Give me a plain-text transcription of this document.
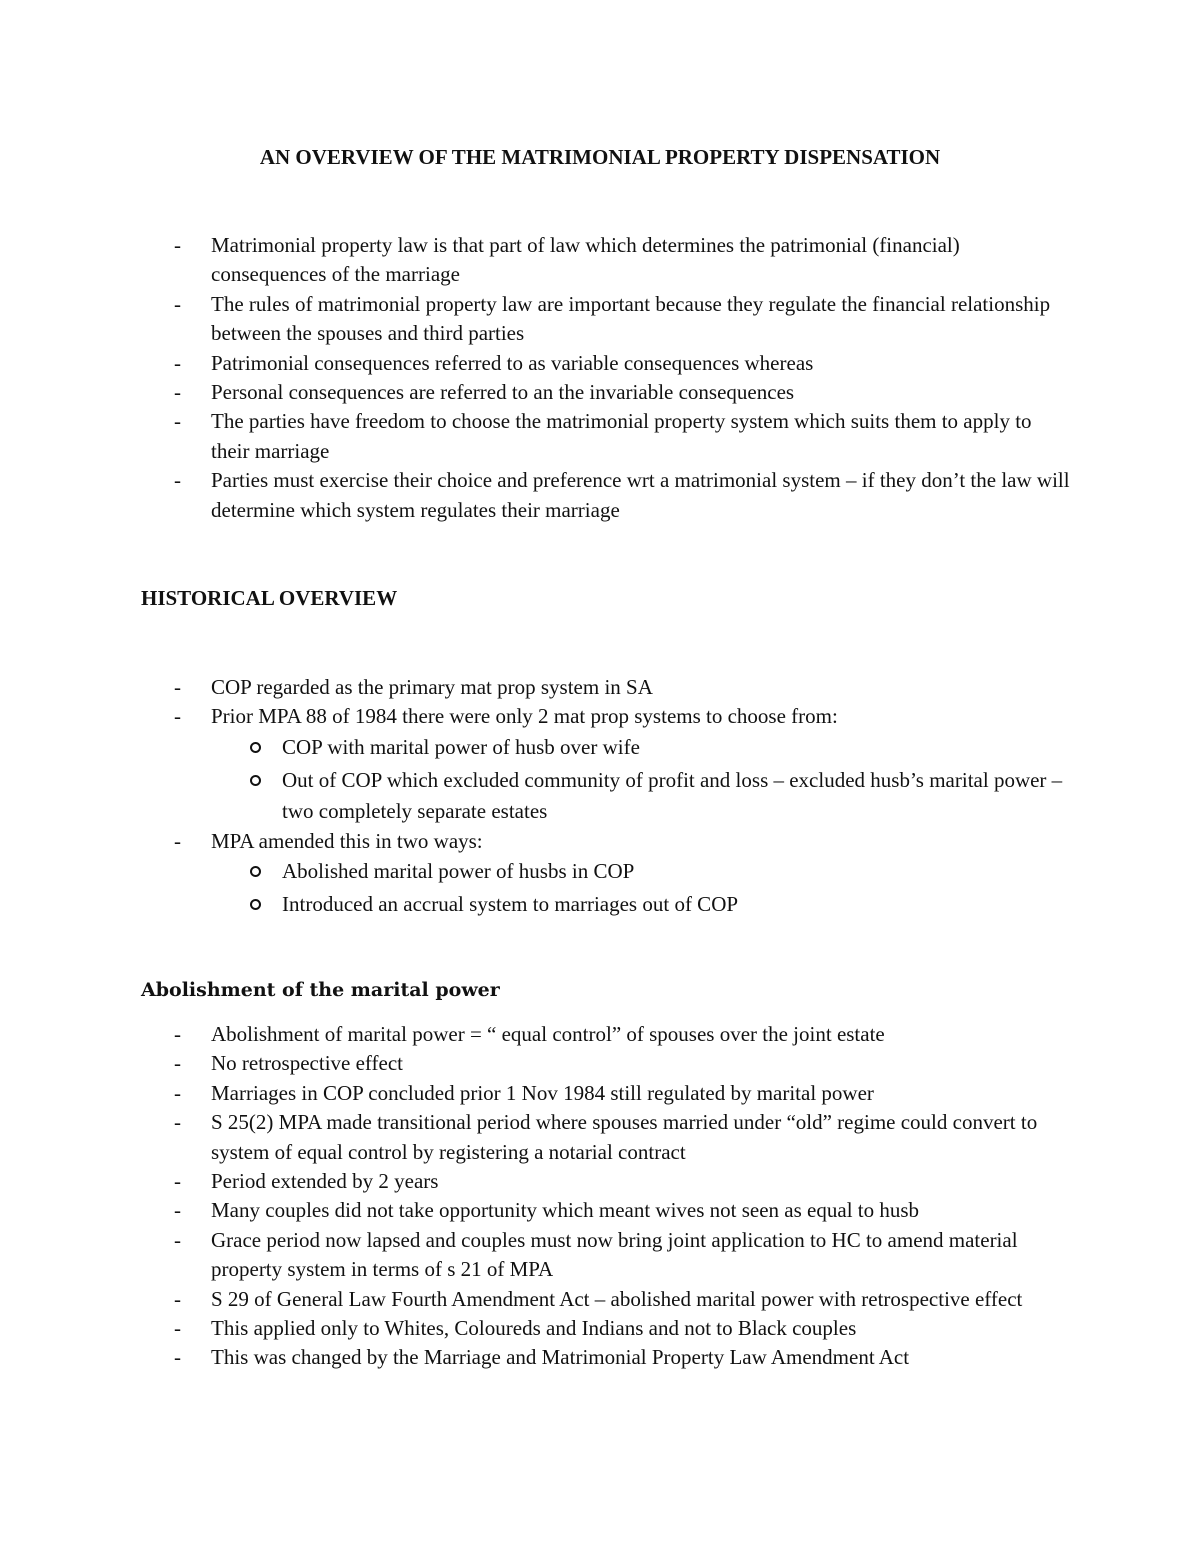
AN OVERVIEW OF THE MATRIMONIAL PROPERTY DISPENSATION

- Matrimonial property law is that part of law which determines the patrimonial (financial) consequences of the marriage
- The rules of matrimonial property law are important because they regulate the financial relationship between the spouses and third parties
- Patrimonial consequences referred to as variable consequences whereas
- Personal consequences are referred to an the invariable consequences
- The parties have freedom to choose the matrimonial property system which suits them to apply to their marriage
- Parties must exercise their choice and preference wrt a matrimonial system – if they don’t the law will determine which system regulates their marriage

HISTORICAL OVERVIEW

- COP regarded as the primary mat prop system in SA
- Prior MPA 88 of 1984 there were only 2 mat prop systems to choose from:
COP with marital power of husb over wife
Out of COP which excluded community of profit and loss – excluded husb’s marital power – two completely separate estates
- MPA amended this in two ways:
Abolished marital power of husbs in COP
Introduced an accrual system to marriages out of COP

Abolishment of the marital power

- Abolishment of marital power = “ equal control” of spouses over the joint estate
- No retrospective effect
- Marriages in COP concluded prior 1 Nov 1984 still regulated by marital power
- S 25(2) MPA made transitional period where spouses married under “old” regime could convert to system of equal control by registering a notarial contract
- Period extended by 2 years
- Many couples did not take opportunity which meant wives not seen as equal to husb
- Grace period now lapsed and couples must now bring joint application to HC to amend material property system in terms of s 21 of MPA
- S 29 of General Law Fourth Amendment Act – abolished marital power with retrospective effect
- This applied only to Whites, Coloureds and Indians and not to Black couples
- This was changed by the Marriage and Matrimonial Property Law Amendment Act
